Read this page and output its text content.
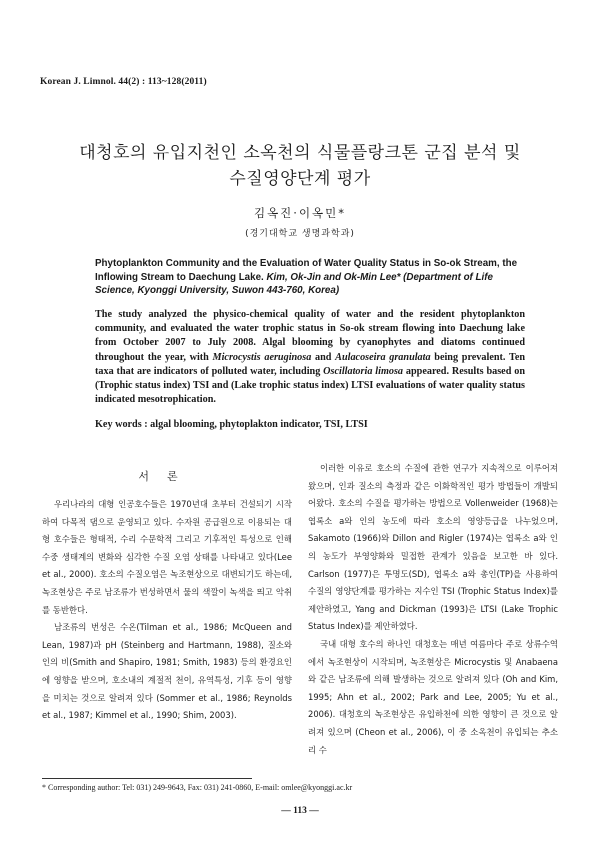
Korean J. Limnol. 44(2) : 113~128(2011)
대청호의 유입지천인 소옥천의 식물플랑크톤 군집 분석 및
수질영양단계 평가
김옥진·이옥민*
(경기대학교 생명과학과)
Phytoplankton Community and the Evaluation of Water Quality Status in So-ok Stream, the Inflowing Stream to Daechung Lake. Kim, Ok-Jin and Ok-Min Lee* (Department of Life Science, Kyonggi University, Suwon 443-760, Korea)
The study analyzed the physico-chemical quality of water and the resident phytoplankton community, and evaluated the water trophic status in So-ok stream flowing into Daechung lake from October 2007 to July 2008. Algal blooming by cyanophytes and diatoms continued throughout the year, with Microcystis aeruginosa and Aulacoseira granulata being prevalent. Ten taxa that are indicators of polluted water, including Oscillatoria limosa appeared. Results based on (Trophic status index) TSI and (Lake trophic status index) LTSI evaluations of water quality status indicated mesotrophication.
Key words : algal blooming, phytoplakton indicator, TSI, LTSI
서론

우리나라의 대형 인공호수들은 1970년대 초부터 건설되기 시작하여 다목적 댐으로 운영되고 있다. 수자원 공급원으로 이용되는 대형 호수들은 형태적, 수리 수문학적 그리고 기후적인 특성으로 인해 수중 생태계의 변화와 심각한 수질 오염 상태를 나타내고 있다(Lee et al., 2000). 호소의 수질오염은 녹조현상으로 대변되기도 하는데, 녹조현상은 주로 남조류가 번성하면서 물의 색깔이 녹색을 띄고 악취를 동반한다.

남조류의 번성은 수온(Tilman et al., 1986; McQueen and Lean, 1987)과 pH (Steinberg and Hartmann, 1988), 질소와 인의 비(Smith and Shapiro, 1981; Smith, 1983) 등의 환경요인에 영향을 받으며, 호소내의 계절적 천이, 유역특성, 기후 등이 영향을 미치는 것으로 알려져 있다 (Sommer et al., 1986; Reynolds et al., 1987; Kimmel et al., 1990; Shim, 2003).

이러한 이유로 호소의 수질에 관한 연구가 지속적으로 이루어져 왔으며, 인과 질소의 측정과 같은 이화학적인 평가 방법들이 개발되어왔다. 호소의 수질을 평가하는 방법으로 Vollenweider (1968)는 엽록소 a와 인의 농도에 따라 호소의 영양등급을 나누었으며, Sakamoto (1966)와 Dillon and Rigler (1974)는 엽록소 a와 인의 농도가 부영양화와 밀접한 관계가 있음을 보고한 바 있다. Carlson (1977)은 투명도(SD), 엽록소 a와 총인(TP)을 사용하여 수질의 영양단계를 평가하는 지수인 TSI (Trophic Status Index)를 제안하였고, Yang and Dickman (1993)은 LTSI (Lake Trophic Status Index)를 제안하였다.

국내 대형 호수의 하나인 대청호는 매년 여름마다 주로 상류수역에서 녹조현상이 시작되며, 녹조현상은 Microcystis 및 Anabaena와 같은 남조류에 의해 발생하는 것으로 알려져 있다 (Oh and Kim, 1995; Ahn et al., 2002; Park and Lee, 2005; Yu et al., 2006). 대청호의 녹조현상은 유입하천에 의한 영향이 큰 것으로 알려져 있으며 (Cheon et al., 2006), 이 중 소옥천이 유입되는 추소리 수

* Corresponding author: Tel: 031) 249-9643, Fax: 031) 241-0860, E-mail: omlee@kyonggi.ac.kr
— 113 —
